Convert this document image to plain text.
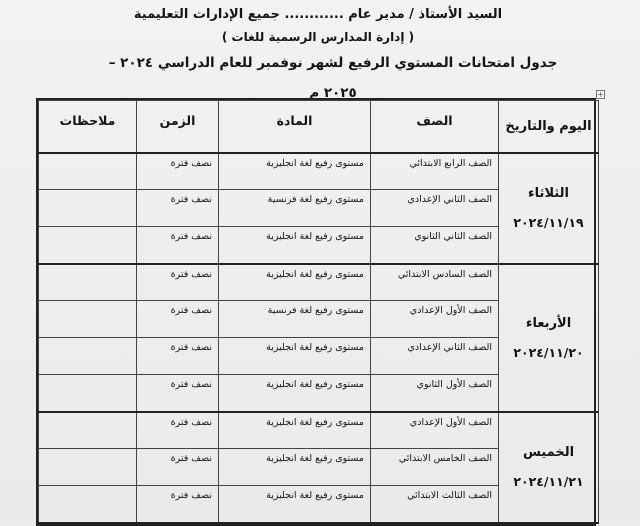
السيد الأستاذ / مدير عام ............ جميع الإدارات التعليمية
( إدارة المدارس الرسمية للغات )
جدول امتحانات المستوي الرفيع لشهر نوفمبر للعام الدراسي ٢٠٢٤ – ٢٠٢٥ م	+
اليوم والتاريخ	الصف	المادة	الزمن	ملاحظات

الثلاثاء
٢٠٢٤/١١/١٩	الصف الرابع الابتدائي	مستوى رفيع لغة انجليزية	نصف فترة	
	الصف الثاني الإعدادي	مستوى رفيع لغة فرنسية	نصف فترة	
	الصف الثاني الثانوي	مستوى رفيع لغة انجليزية	نصف فترة	

الأربعاء
٢٠٢٤/١١/٢٠	الصف السادس الابتدائي	مستوى رفيع لغة انجليزية	نصف فترة	
	الصف الأول الإعدادي	مستوى رفيع لغة فرنسية	نصف فترة	
	الصف الثاني الإعدادي	مستوى رفيع لغة انجليزية	نصف فترة	
	الصف الأول الثانوي	مستوى رفيع لغة انجليزية	نصف فترة	

الخميس
٢٠٢٤/١١/٢١	الصف الأول الإعدادي	مستوى رفيع لغة انجليزية	نصف فترة	
	الصف الخامس الابتدائي	مستوى رفيع لغة انجليزية	نصف فترة	
	الصف الثالث الابتدائي	مستوى رفيع لغة انجليزية	نصف فترة	
